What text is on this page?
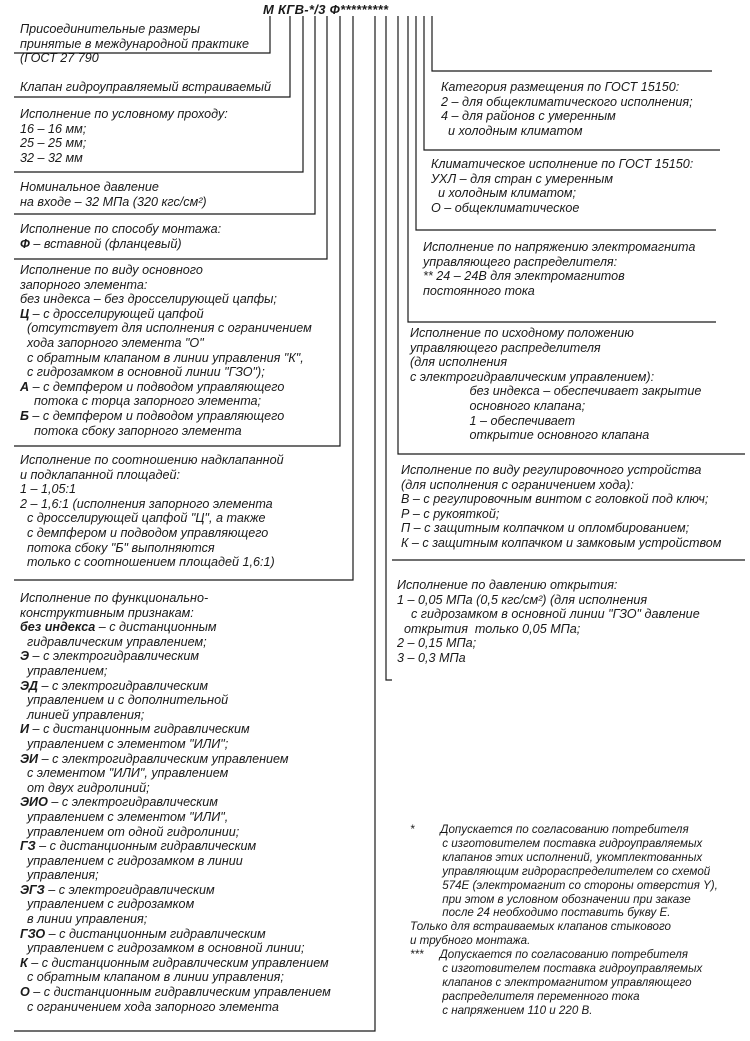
М КГВ-*/3 Ф*********
Присоединительные размеры
принятые в международной практике
(ГОСТ 27 790
Клапан гидроуправляемый встраиваемый
Исполнение по условному проходу:
16 – 16 мм;
25 – 25 мм;
32 – 32 мм
Номинальное давление
на входе – 32 МПа (320 кгс/см²)
Исполнение по способу монтажа:
Ф – вставной (фланцевый)
Исполнение по виду основного
запорного элемента:
без индекса – без дросселирующей цапфы;
Ц – с дросселирующей цапфой
(отсутствует для исполнения с ограничением
хода запорного элемента "О"
с обратным клапаном в линии управления "К",
с гидрозамком в основной линии "ГЗО");
А – с демпфером и подводом управляющего
потока с торца запорного элемента;
Б – с демпфером и подводом управляющего
потока сбоку запорного элемента
Исполнение по соотношению надклапанной
и подклапанной площадей:
1 – 1,05:1
2 – 1,6:1 (исполнения запорного элемента
с дросселирующей цапфой "Ц", а также
с демпфером и подводом управляющего
потока сбоку "Б" выполняются
только с соотношением площадей 1,6:1)
Исполнение по функционально-
конструктивным признакам:
без индекса – с дистанционным
гидравлическим управлением;
Э – с электрогидравлическим
управлением;
ЭД – с электрогидравлическим
управлением и с дополнительной
линией управления;
И – с дистанционным гидравлическим
управлением с элементом "ИЛИ";
ЭИ – с электрогидравлическим управлением
с элементом "ИЛИ", управлением
от двух гидролиний;
ЭИО – с электрогидравлическим
управлением с элементом "ИЛИ",
управлением от одной гидролинии;
ГЗ – с дистанционным гидравлическим
управлением с гидрозамком в линии
управления;
ЭГЗ – с электрогидравлическим
управлением с гидрозамком
в линии управления;
ГЗО – с дистанционным гидравлическим
управлением с гидрозамком в основной линии;
К – с дистанционным гидравлическим управлением
с обратным клапаном в линии управления;
О – с дистанционным гидравлическим управлением
с ограничением хода запорного элемента
Категория размещения по ГОСТ 15150:
2 – для общеклиматического исполнения;
4 – для районов с умеренным
и холодным климатом
Климатическое исполнение по ГОСТ 15150:
УХЛ – для стран с умеренным
и холодным климатом;
О – общеклиматическое
Исполнение по напряжению электромагнита
управляющего распределителя:
** 24 – 24В для электромагнитов
постоянного тока
Исполнение по исходному положению
управляющего распределителя
(для исполнения
с электрогидравлическим управлением):
без индекса – обеспечивает закрытие
основного клапана;
1 – обеспечивает
открытие основного клапана
Исполнение по виду регулировочного устройства
(для исполнения с ограничением хода):
В – с регулировочным винтом с головкой под ключ;
Р – с рукояткой;
П – с защитным колпачком и опломбированием;
К – с защитным колпачком и замковым устройством
Исполнение по давлению открытия:
1 – 0,05 МПа (0,5 кгс/см²) (для исполнения
с гидрозамком в основной линии "ГЗО" давление
открытия  только 0,05 МПа;
2 – 0,15 МПа;
3 – 0,3 МПа
*        Допускается по согласованию потребителя
с изготовителем поставка гидроуправляемых
клапанов этих исполнений, укомплектованных
управляющим гидрораспределителем со схемой
574Е (электромагнит со стороны отверстия Y),
при этом в условном обозначении при заказе
после 24 необходимо поставить букву Е.
Только для встраиваемых клапанов стыкового
и трубного монтажа.
***     Допускается по согласованию потребителя
с изготовителем поставка гидроуправляемых
клапанов с электромагнитом управляющего
распределителя переменного тока
с напряжением 110 и 220 В.
